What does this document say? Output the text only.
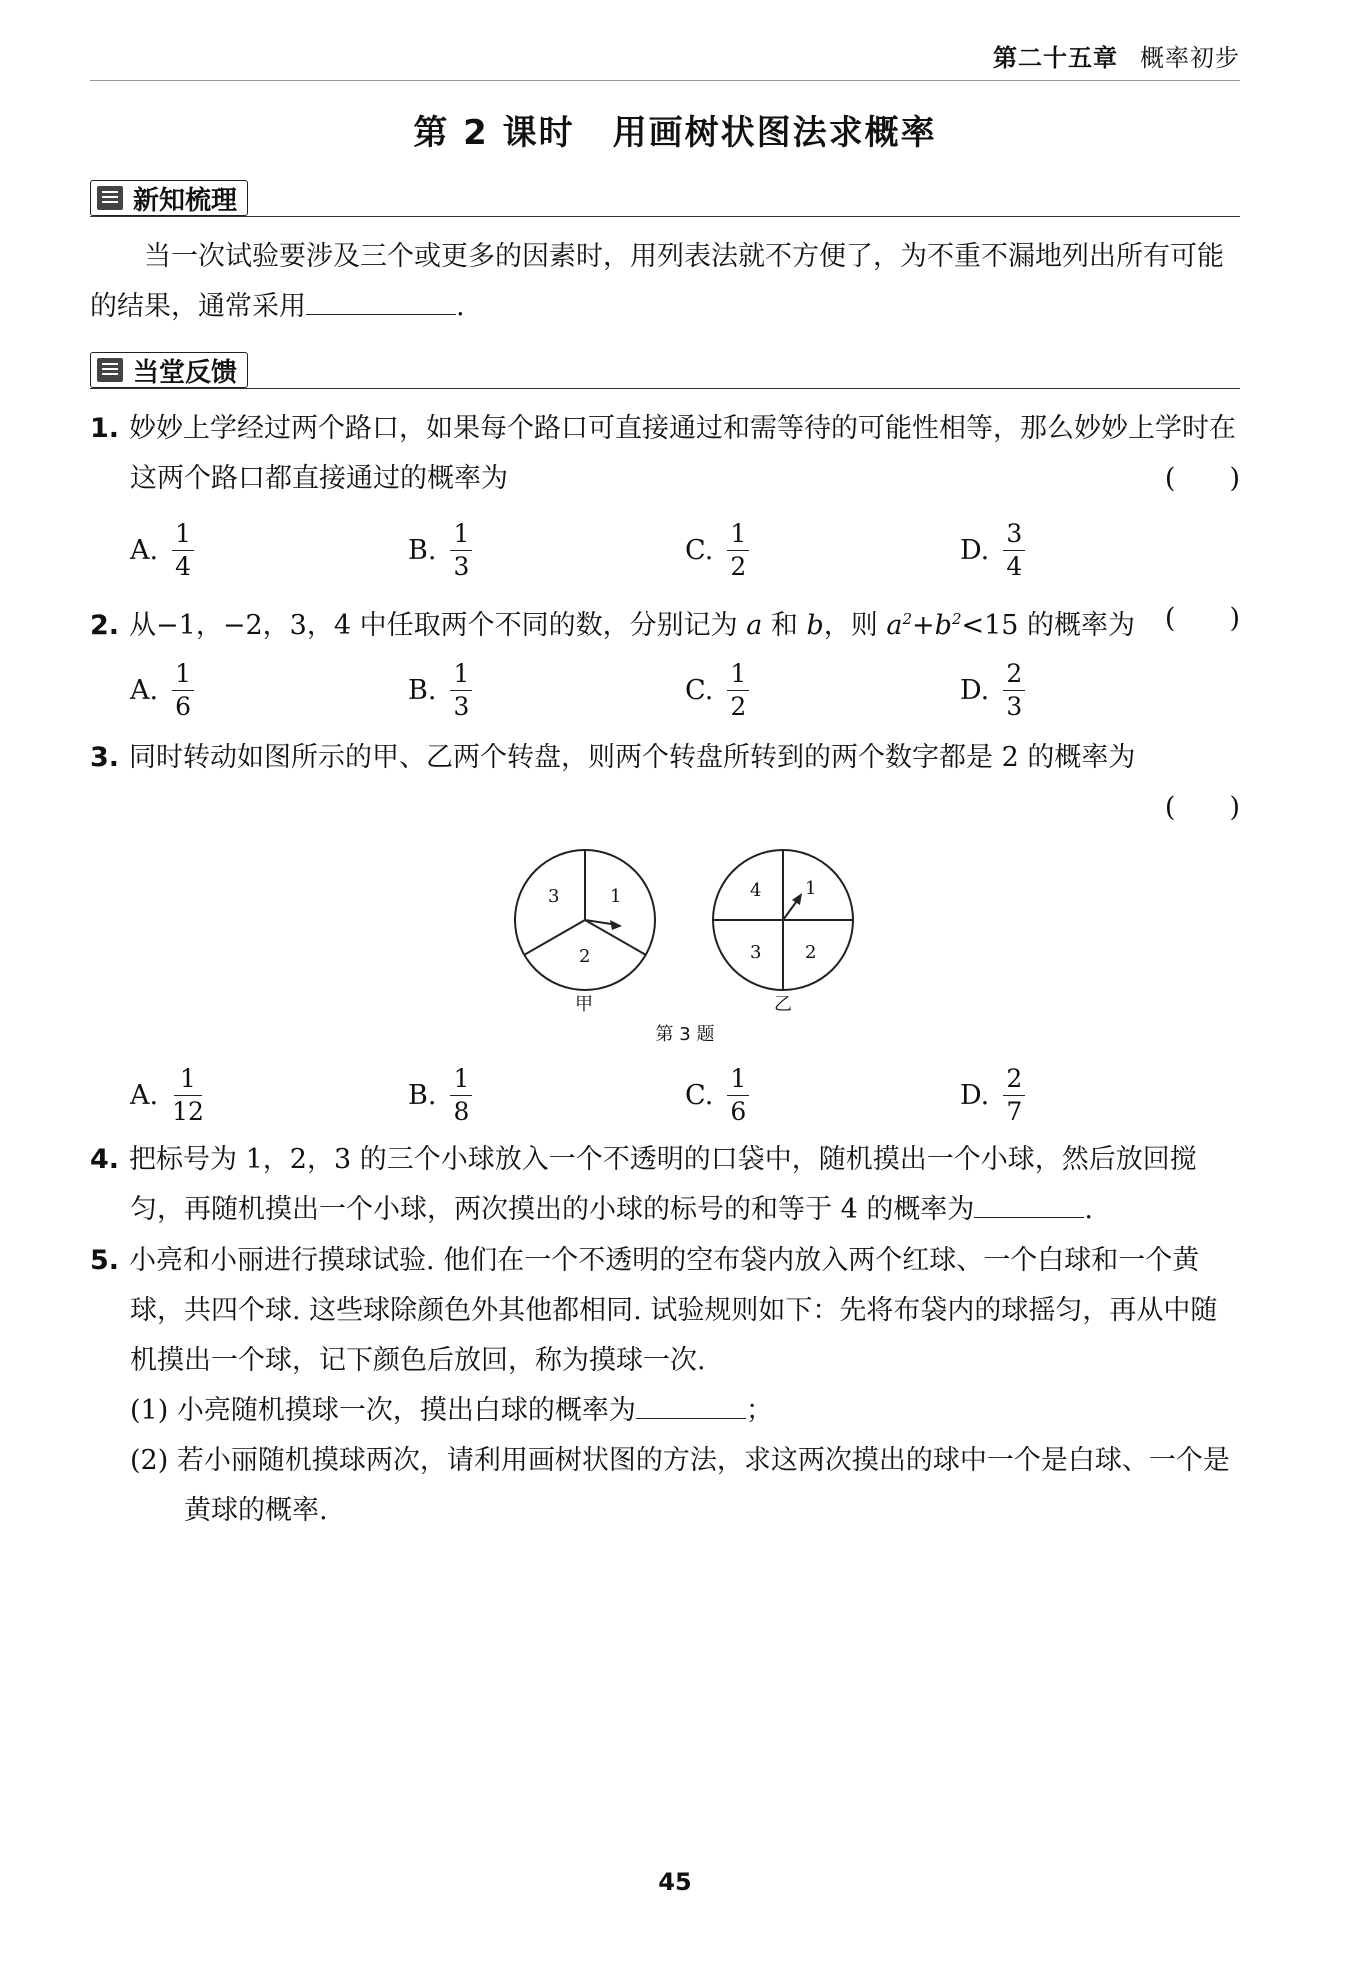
第二十五章 概率初步
第 2 课时 用画树状图法求概率
新知梳理
当一次试验要涉及三个或更多的因素时，用列表法就不方便了，为不重不漏地列出所有可能的结果，通常采用	.
当堂反馈
1. 妙妙上学经过两个路口，如果每个路口可直接通过和需等待的可能性相等，那么妙妙上学时在这两个路口都直接通过的概率为	(　　)
A. $\frac{1}{4}$	B. $\frac{1}{3}$	C. $\frac{1}{2}$	D. $\frac{3}{4}$
2. 从−1，−2，3，4 中任取两个不同的数，分别记为 a 和 b，则 $a^2+b^2<15$ 的概率为 (　　)
A. $\frac{1}{6}$	B. $\frac{1}{3}$	C. $\frac{1}{2}$	D. $\frac{2}{3}$
3. 同时转动如图所示的甲、乙两个转盘，则两个转盘所转到的两个数字都是 2 的概率为
(　　)
3	1
2
甲
4 1
3 2
乙
第 3 题
A. $\frac{1}{12}$	B. $\frac{1}{8}$	C. $\frac{1}{6}$	D. $\frac{2}{7}$
4. 把标号为 1，2，3 的三个小球放入一个不透明的口袋中，随机摸出一个小球，然后放回搅匀，再随机摸出一个小球，两次摸出的小球的标号的和等于 4 的概率为	.
5. 小亮和小丽进行摸球试验. 他们在一个不透明的空布袋内放入两个红球、一个白球和一个黄球，共四个球. 这些球除颜色外其他都相同. 试验规则如下：先将布袋内的球摇匀，再从中随机摸出一个球，记下颜色后放回，称为摸球一次.
(1) 小亮随机摸球一次，摸出白球的概率为	；
(2) 若小丽随机摸球两次，请利用画树状图的方法，求这两次摸出的球中一个是白球、一个是黄球的概率.
45
